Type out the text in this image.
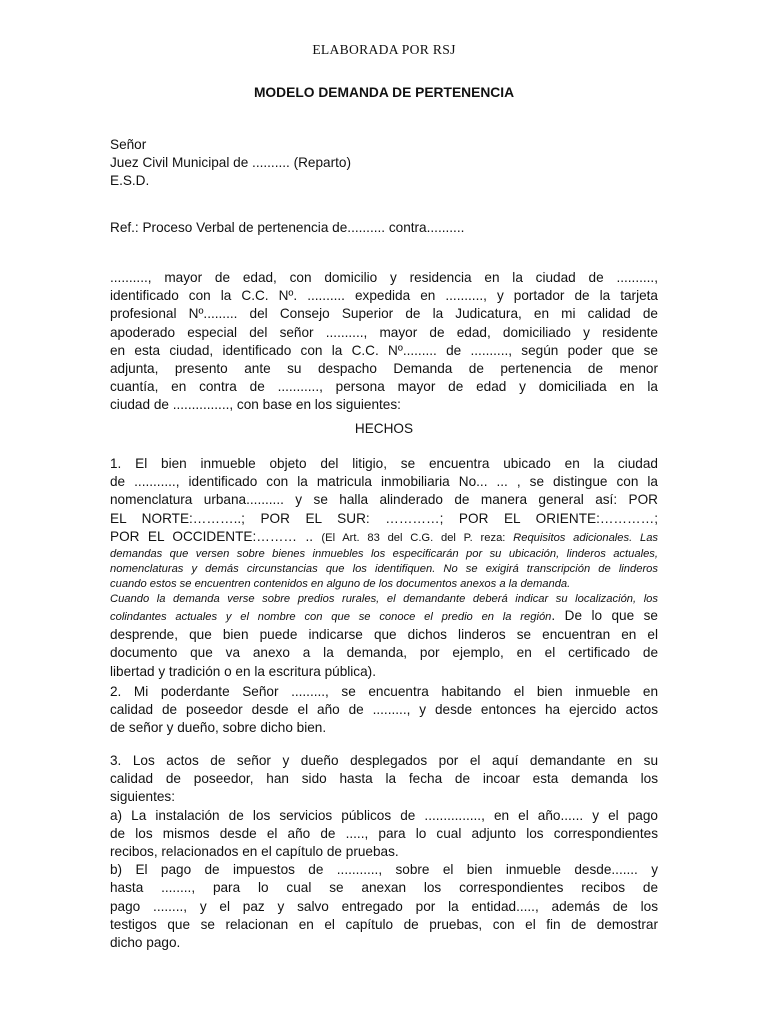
ELABORADA POR RSJ
MODELO DEMANDA DE PERTENENCIA
Señor
Juez Civil Municipal de .......... (Reparto)
E.S.D.
Ref.: Proceso Verbal de pertenencia de.......... contra..........
.........., mayor de edad, con domicilio y residencia en la ciudad de ..........,
identificado con la C.C. Nº. .......... expedida en .........., y portador de la tarjeta
profesional Nº......... del Consejo Superior de la Judicatura, en mi calidad de
apoderado especial del señor .........., mayor de edad, domiciliado y residente
en esta ciudad, identificado con la C.C. Nº......... de .........., según poder que se
adjunta, presento ante su despacho Demanda de pertenencia de menor
cuantía, en contra de ..........., persona mayor de edad y domiciliada en la
ciudad de ..............., con base en los siguientes:
HECHOS
1. El bien inmueble objeto del litigio, se encuentra ubicado en la ciudad
de ..........., identificado con la matricula inmobiliaria No... ... , se distingue con la
nomenclatura urbana.......... y se halla alinderado de manera general así: POR
EL NORTE:………..; POR EL SUR: …………; POR EL ORIENTE:…………;
POR EL OCCIDENTE:……… .. (El Art. 83 del C.G. del P. reza: Requisitos adicionales. Las
demandas que versen sobre bienes inmuebles los especificarán por su ubicación, linderos actuales,
nomenclaturas y demás circunstancias que los identifiquen. No se exigirá transcripción de linderos
cuando estos se encuentren contenidos en alguno de los documentos anexos a la demanda.
Cuando la demanda verse sobre predios rurales, el demandante deberá indicar su localización, los
colindantes actuales y el nombre con que se conoce el predio en la región. De lo que se
desprende, que bien puede indicarse que dichos linderos se encuentran en el
documento que va anexo a la demanda, por ejemplo, en el certificado de
libertad y tradición o en la escritura pública).
2. Mi poderdante Señor ........., se encuentra habitando el bien inmueble en
calidad de poseedor desde el año de ........., y desde entonces ha ejercido actos
de señor y dueño, sobre dicho bien.
3. Los actos de señor y dueño desplegados por el aquí demandante en su
calidad de poseedor, han sido hasta la fecha de incoar esta demanda los
siguientes:
a) La instalación de los servicios públicos de ..............., en el año...... y el pago
de los mismos desde el año de ....., para lo cual adjunto los correspondientes
recibos, relacionados en el capítulo de pruebas.
b) El pago de impuestos de ..........., sobre el bien inmueble desde....... y
hasta ........, para lo cual se anexan los correspondientes recibos de
pago ........, y el paz y salvo entregado por la entidad....., además de los
testigos que se relacionan en el capítulo de pruebas, con el fin de demostrar
dicho pago.
